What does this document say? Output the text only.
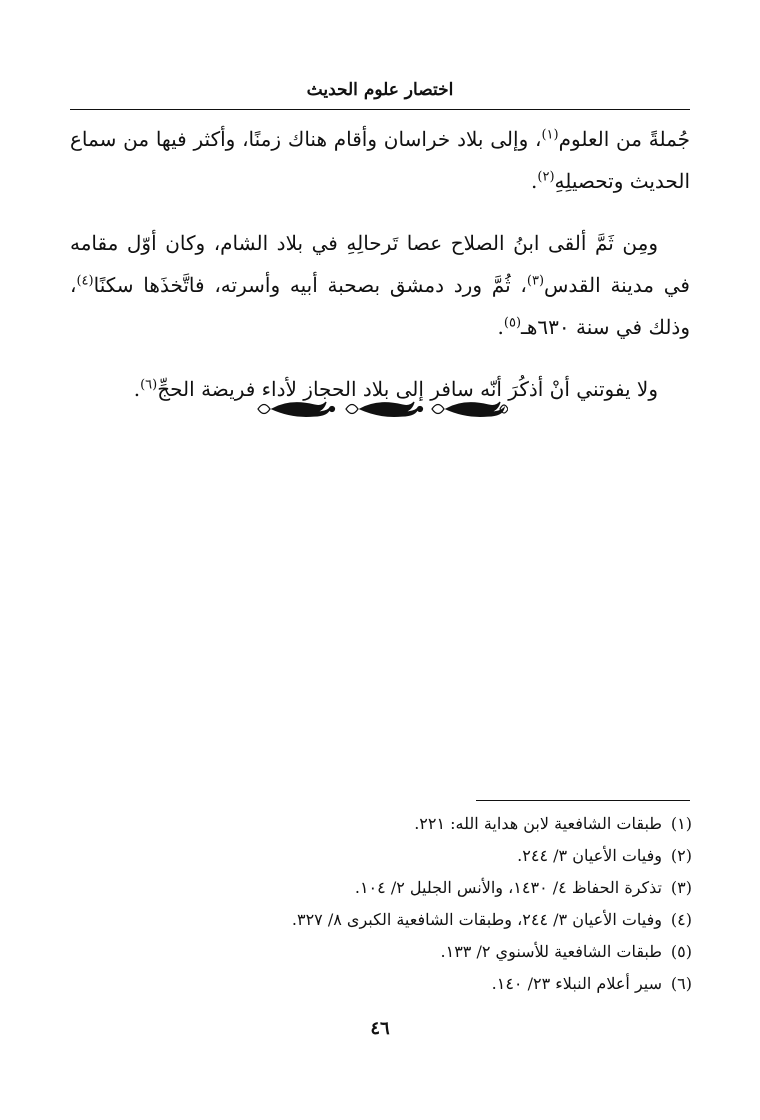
اختصار علوم الحديث

جُملةً من العلوم$^{(١)}$، وإلى بلاد خراسان وأقام هناك زمنًا، وأكثر فيها من سماع الحديث وتحصيلِهِ$^{(٢)}$.

ومِن ثَمَّ ألقى ابنُ الصلاح عصا تَرحالِهِ في بلاد الشام، وكان أوّل مقامه في مدينة القدس$^{(٣)}$، ثُمَّ ورد دمشق بصحبة أبيه وأسرته، فاتَّخذَها سكنًا$^{(٤)}$، وذلك في سنة ٦٣٠هـ$^{(٥)}$.

ولا يفوتني أنْ أذكُرَ أنّه سافر إلى بلاد الحجاز لأداء فريضة الحجِّ$^{(٦)}$.

(١)
طبقات الشافعية لابن هداية الله: ٢٢١.
(٢)
وفيات الأعيان ٣/ ٢٤٤.
(٣)
تذكرة الحفاظ ٤/ ١٤٣٠، والأنس الجليل ٢/ ١٠٤.
(٤)
وفيات الأعيان ٣/ ٢٤٤، وطبقات الشافعية الكبرى ٨/ ٣٢٧.
(٥)
طبقات الشافعية للأسنوي ٢/ ١٣٣.
(٦)
سير أعلام النبلاء ٢٣/ ١٤٠.
٤٦
